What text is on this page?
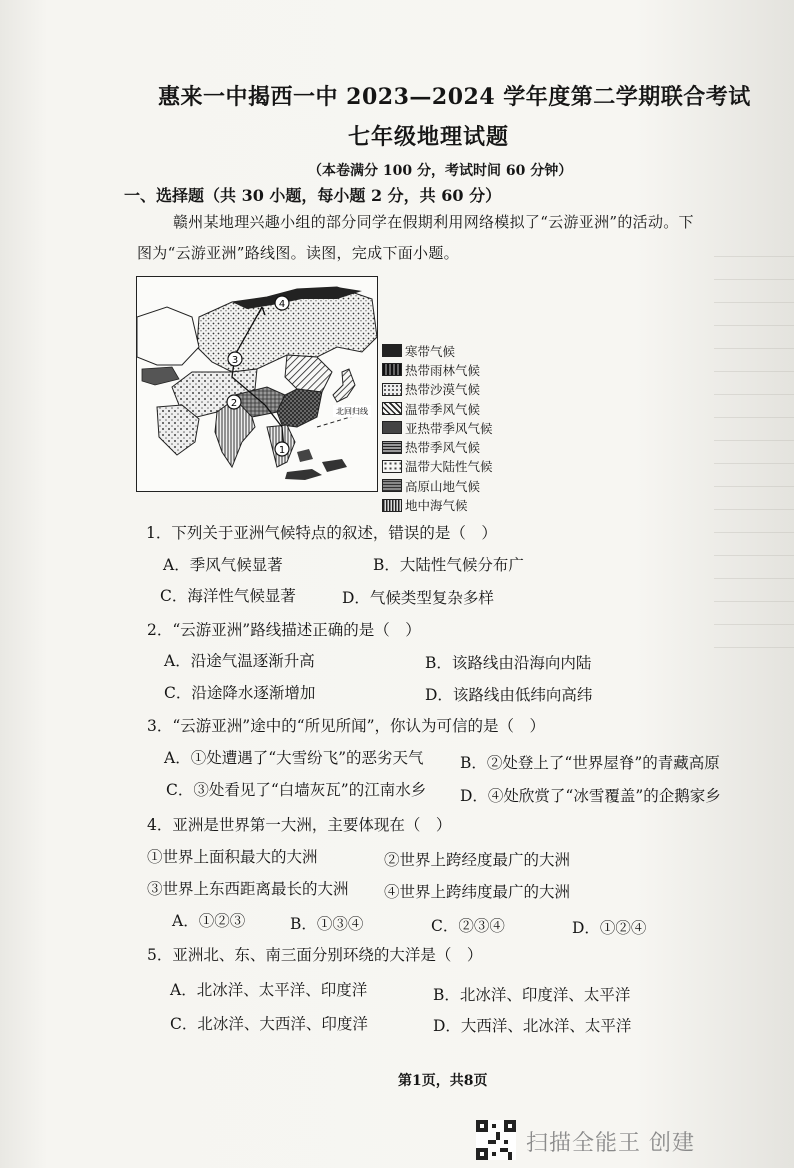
惠来一中揭西一中 2023—2024 学年度第二学期联合考试
七年级地理试题
（本卷满分 100 分，考试时间 60 分钟）
一、选择题（共 30 小题，每小题 2 分，共 60 分）
赣州某地理兴趣小组的部分同学在假期利用网络模拟了“云游亚洲”的活动。下
图为“云游亚洲”路线图。读图，完成下面小题。
1
2
3
4
北回归线
寒带气候
热带雨林气候
热带沙漠气候
温带季风气候
亚热带季风气候
热带季风气候
温带大陆性气候
高原山地气候
地中海气候
1．下列关于亚洲气候特点的叙述，错误的是（　）
A．季风气候显著	B．大陆性气候分布广
C．海洋性气候显著	D．气候类型复杂多样
2．“云游亚洲”路线描述正确的是（　）
A．沿途气温逐渐升高	B．该路线由沿海向内陆
C．沿途降水逐渐增加	D．该路线由低纬向高纬
3．“云游亚洲”途中的“所见所闻”，你认为可信的是（　）
A．①处遭遇了“大雪纷飞”的恶劣天气 B．②处登上了“世界屋脊”的青藏高原
C．③处看见了“白墙灰瓦”的江南水乡 D．④处欣赏了“冰雪覆盖”的企鹅家乡
4．亚洲是世界第一大洲，主要体现在（　）
①世界上面积最大的大洲	②世界上跨经度最广的大洲
③世界上东西距离最长的大洲 ④世界上跨纬度最广的大洲
A．①②③	B．①③④	C．②③④	D．①②④
5．亚洲北、东、南三面分别环绕的大洋是（　）
A．北冰洋、太平洋、印度洋	B．北冰洋、印度洋、太平洋
C．北冰洋、大西洋、印度洋	D．大西洋、北冰洋、太平洋
第1页，共8页
扫描全能王 创建
